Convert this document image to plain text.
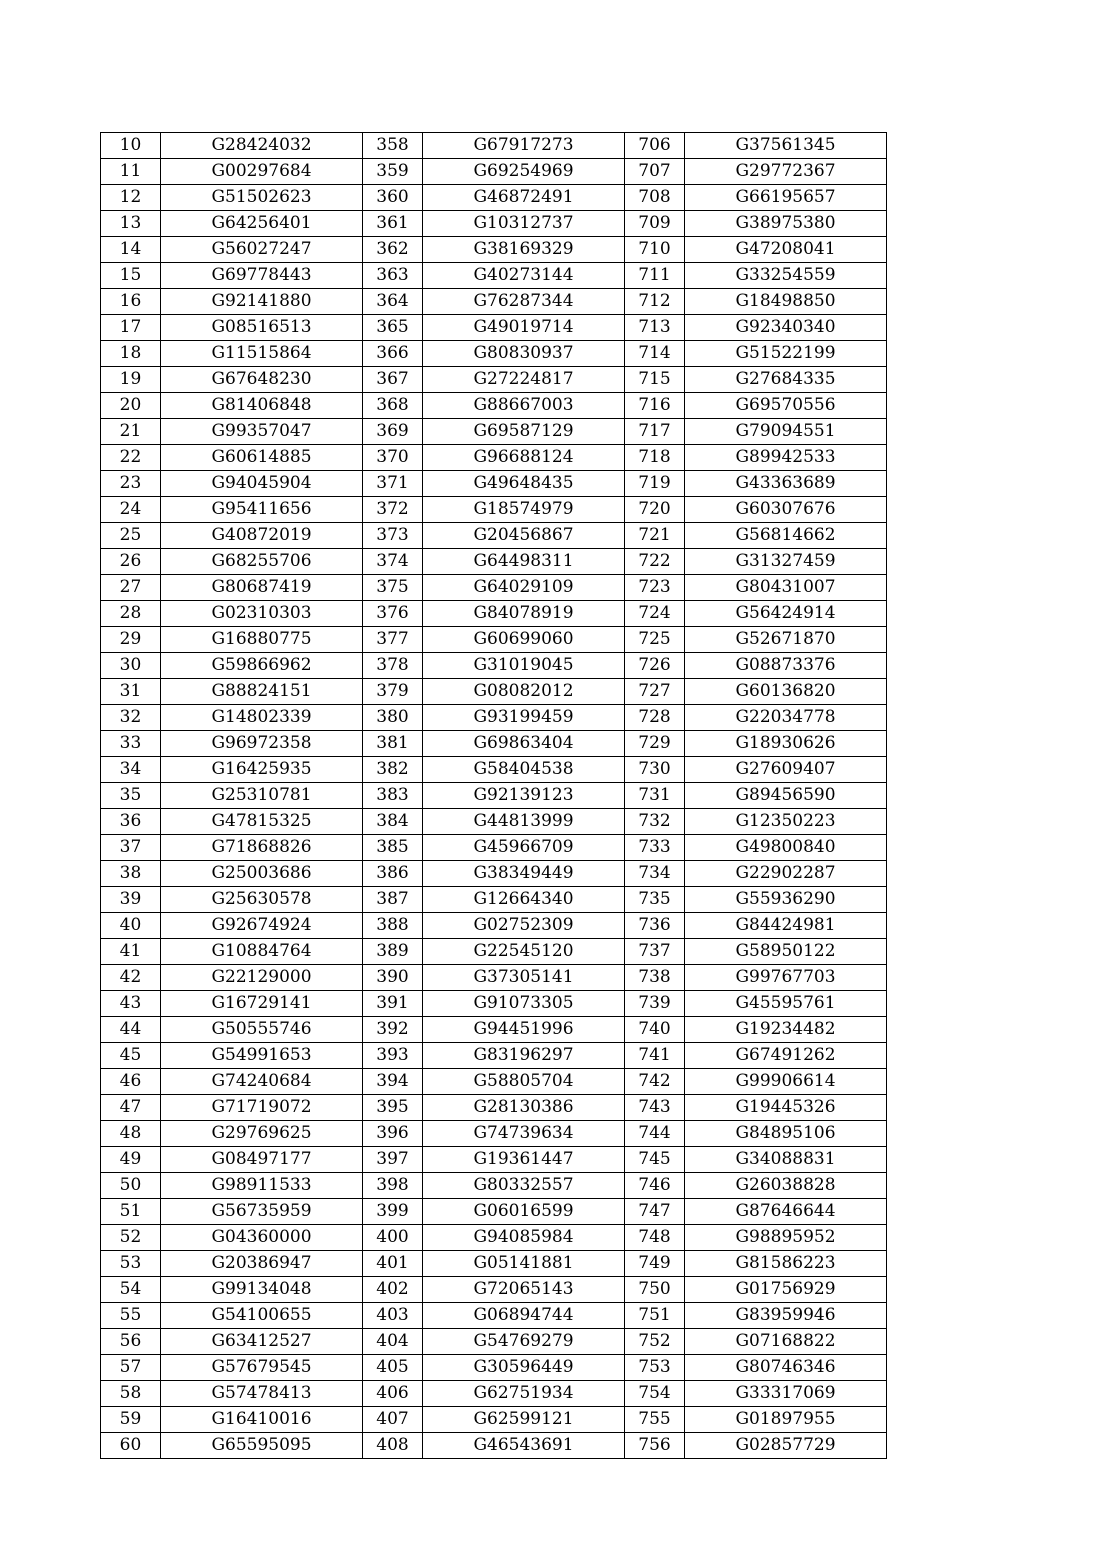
10	G28424032	358	G67917273	706	G37561345
11	G00297684	359	G69254969	707	G29772367
12	G51502623	360	G46872491	708	G66195657
13	G64256401	361	G10312737	709	G38975380
14	G56027247	362	G38169329	710	G47208041
15	G69778443	363	G40273144	711	G33254559
16	G92141880	364	G76287344	712	G18498850
17	G08516513	365	G49019714	713	G92340340
18	G11515864	366	G80830937	714	G51522199
19	G67648230	367	G27224817	715	G27684335
20	G81406848	368	G88667003	716	G69570556
21	G99357047	369	G69587129	717	G79094551
22	G60614885	370	G96688124	718	G89942533
23	G94045904	371	G49648435	719	G43363689
24	G95411656	372	G18574979	720	G60307676
25	G40872019	373	G20456867	721	G56814662
26	G68255706	374	G64498311	722	G31327459
27	G80687419	375	G64029109	723	G80431007
28	G02310303	376	G84078919	724	G56424914
29	G16880775	377	G60699060	725	G52671870
30	G59866962	378	G31019045	726	G08873376
31	G88824151	379	G08082012	727	G60136820
32	G14802339	380	G93199459	728	G22034778
33	G96972358	381	G69863404	729	G18930626
34	G16425935	382	G58404538	730	G27609407
35	G25310781	383	G92139123	731	G89456590
36	G47815325	384	G44813999	732	G12350223
37	G71868826	385	G45966709	733	G49800840
38	G25003686	386	G38349449	734	G22902287
39	G25630578	387	G12664340	735	G55936290
40	G92674924	388	G02752309	736	G84424981
41	G10884764	389	G22545120	737	G58950122
42	G22129000	390	G37305141	738	G99767703
43	G16729141	391	G91073305	739	G45595761
44	G50555746	392	G94451996	740	G19234482
45	G54991653	393	G83196297	741	G67491262
46	G74240684	394	G58805704	742	G99906614
47	G71719072	395	G28130386	743	G19445326
48	G29769625	396	G74739634	744	G84895106
49	G08497177	397	G19361447	745	G34088831
50	G98911533	398	G80332557	746	G26038828
51	G56735959	399	G06016599	747	G87646644
52	G04360000	400	G94085984	748	G98895952
53	G20386947	401	G05141881	749	G81586223
54	G99134048	402	G72065143	750	G01756929
55	G54100655	403	G06894744	751	G83959946
56	G63412527	404	G54769279	752	G07168822
57	G57679545	405	G30596449	753	G80746346
58	G57478413	406	G62751934	754	G33317069
59	G16410016	407	G62599121	755	G01897955
60	G65595095	408	G46543691	756	G02857729
